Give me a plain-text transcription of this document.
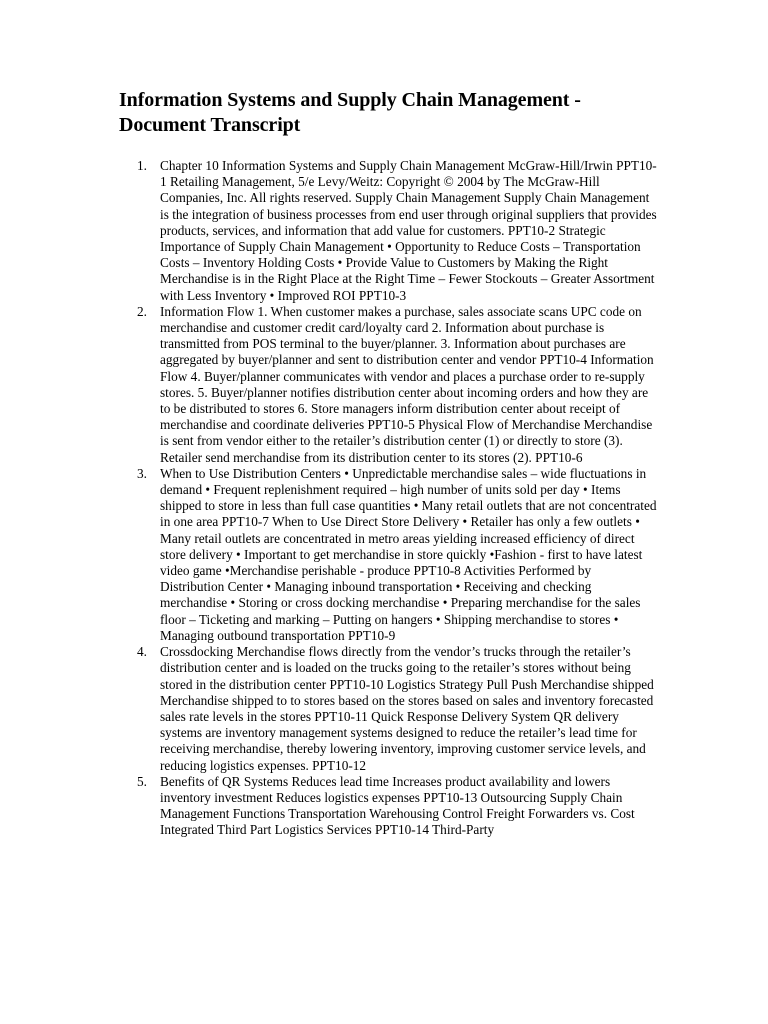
Information Systems and Supply Chain Management - Document Transcript
1. Chapter 10 Information Systems and Supply Chain Management McGraw-Hill/Irwin PPT10-1 Retailing Management, 5/e Levy/Weitz: Copyright © 2004 by The McGraw-Hill Companies, Inc. All rights reserved. Supply Chain Management Supply Chain Management is the integration of business processes from end user through original suppliers that provides products, services, and information that add value for customers. PPT10-2 Strategic Importance of Supply Chain Management • Opportunity to Reduce Costs – Transportation Costs – Inventory Holding Costs • Provide Value to Customers by Making the Right Merchandise is in the Right Place at the Right Time – Fewer Stockouts – Greater Assortment with Less Inventory • Improved ROI PPT10-3
2. Information Flow 1. When customer makes a purchase, sales associate scans UPC code on merchandise and customer credit card/loyalty card 2. Information about purchase is transmitted from POS terminal to the buyer/planner. 3. Information about purchases are aggregated by buyer/planner and sent to distribution center and vendor PPT10-4 Information Flow 4. Buyer/planner communicates with vendor and places a purchase order to re-supply stores. 5. Buyer/planner notifies distribution center about incoming orders and how they are to be distributed to stores 6. Store managers inform distribution center about receipt of merchandise and coordinate deliveries PPT10-5 Physical Flow of Merchandise Merchandise is sent from vendor either to the retailer’s distribution center (1) or directly to store (3). Retailer send merchandise from its distribution center to its stores (2). PPT10-6
3. When to Use Distribution Centers • Unpredictable merchandise sales – wide fluctuations in demand • Frequent replenishment required – high number of units sold per day • Items shipped to store in less than full case quantities • Many retail outlets that are not concentrated in one area PPT10-7 When to Use Direct Store Delivery • Retailer has only a few outlets • Many retail outlets are concentrated in metro areas yielding increased efficiency of direct store delivery • Important to get merchandise in store quickly •Fashion - first to have latest video game •Merchandise perishable - produce PPT10-8 Activities Performed by Distribution Center • Managing inbound transportation • Receiving and checking merchandise • Storing or cross docking merchandise • Preparing merchandise for the sales floor – Ticketing and marking – Putting on hangers • Shipping merchandise to stores • Managing outbound transportation PPT10-9
4. Crossdocking Merchandise flows directly from the vendor’s trucks through the retailer’s distribution center and is loaded on the trucks going to the retailer’s stores without being stored in the distribution center PPT10-10 Logistics Strategy Pull Push Merchandise shipped Merchandise shipped to to stores based on the stores based on sales and inventory forecasted sales rate levels in the stores PPT10-11 Quick Response Delivery System QR delivery systems are inventory management systems designed to reduce the retailer’s lead time for receiving merchandise, thereby lowering inventory, improving customer service levels, and reducing logistics expenses. PPT10-12
5. Benefits of QR Systems Reduces lead time Increases product availability and lowers inventory investment Reduces logistics expenses PPT10-13 Outsourcing Supply Chain Management Functions Transportation Warehousing Control Freight Forwarders vs. Cost Integrated Third Part Logistics Services PPT10-14 Third-Party
